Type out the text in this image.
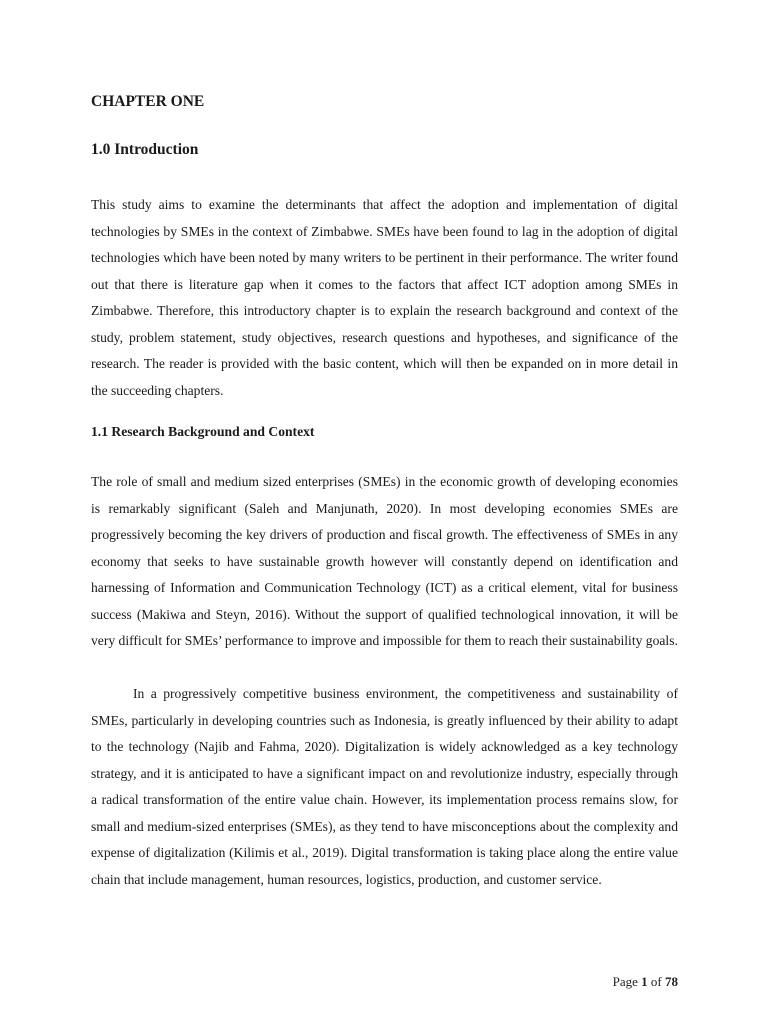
CHAPTER ONE
1.0 Introduction

This study aims to examine the determinants that affect the adoption and implementation of digital technologies by SMEs in the context of Zimbabwe. SMEs have been found to lag in the adoption of digital technologies which have been noted by many writers to be pertinent in their performance. The writer found out that there is literature gap when it comes to the factors that affect ICT adoption among SMEs in Zimbabwe. Therefore, this introductory chapter is to explain the research background and context of the study, problem statement, study objectives, research questions and hypotheses, and significance of the research. The reader is provided with the basic content, which will then be expanded on in more detail in the succeeding chapters.

1.1 Research Background and Context

The role of small and medium sized enterprises (SMEs) in the economic growth of developing economies is remarkably significant (Saleh and Manjunath, 2020). In most developing economies SMEs are progressively becoming the key drivers of production and fiscal growth. The effectiveness of SMEs in any economy that seeks to have sustainable growth however will constantly depend on identification and harnessing of Information and Communication Technology (ICT) as a critical element, vital for business success (Makiwa and Steyn, 2016). Without the support of qualified technological innovation, it will be very difficult for SMEs’ performance to improve and impossible for them to reach their sustainability goals.

In a progressively competitive business environment, the competitiveness and sustainability of SMEs, particularly in developing countries such as Indonesia, is greatly influenced by their ability to adapt to the technology (Najib and Fahma, 2020). Digitalization is widely acknowledged as a key technology strategy, and it is anticipated to have a significant impact on and revolutionize industry, especially through a radical transformation of the entire value chain. However, its implementation process remains slow, for small and medium-sized enterprises (SMEs), as they tend to have misconceptions about the complexity and expense of digitalization (Kilimis et al., 2019). Digital transformation is taking place along the entire value chain that include management, human resources, logistics, production, and customer service.

Page 1 of 78
